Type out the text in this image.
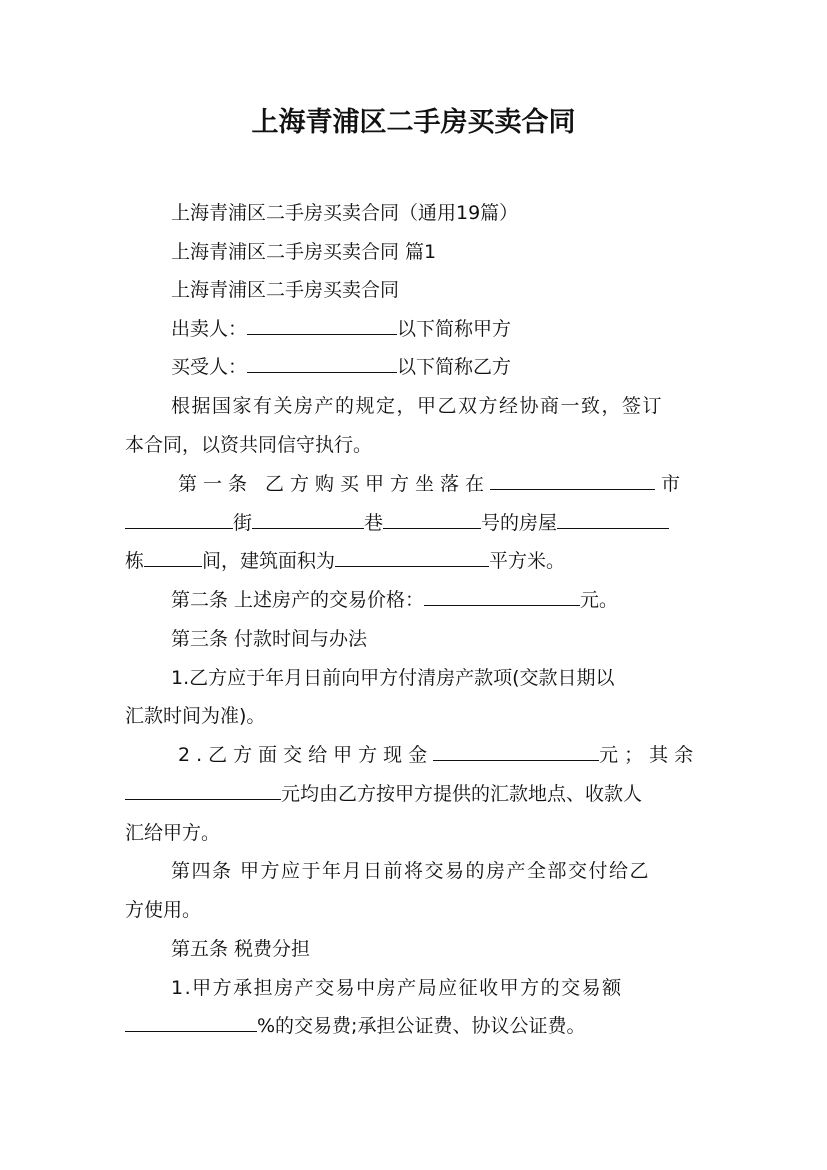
上海青浦区二手房买卖合同
上海青浦区二手房买卖合同（通用19篇）
上海青浦区二手房买卖合同 篇1
上海青浦区二手房买卖合同
出卖人：	以下简称甲方
买受人：	以下简称乙方
根据国家有关房产的规定，甲乙双方经协商一致，签订
本合同，以资共同信守执行。
第一条 乙方购买甲方坐落在	市
街	巷	号的房屋
栋	间，建筑面积为	平方米。
第二条 上述房产的交易价格：	元。
第三条 付款时间与办法
1.乙方应于年月日前向甲方付清房产款项(交款日期以
汇款时间为准)。
2.乙方面交给甲方现金	元；其余
元均由乙方按甲方提供的汇款地点、收款人
汇给甲方。
第四条 甲方应于年月日前将交易的房产全部交付给乙
方使用。
第五条 税费分担
1.甲方承担房产交易中房产局应征收甲方的交易额
%的交易费;承担公证费、协议公证费。
